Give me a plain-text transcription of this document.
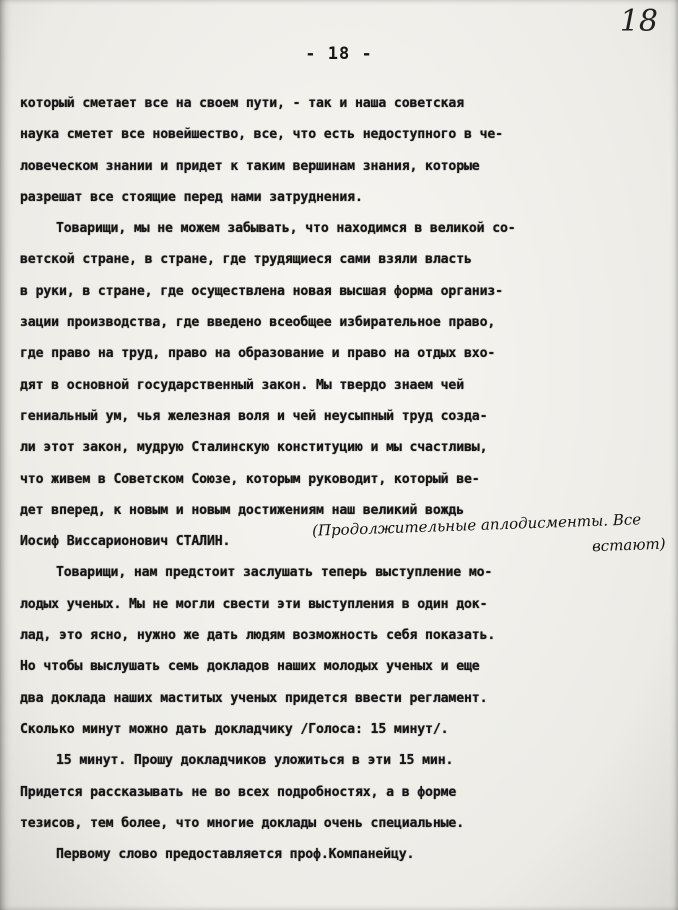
18
- 18 -
который сметает все на своем пути, - так и наша советская
наука сметет все новейшество, все, что есть недоступного в че-
ловеческом знании и придет к таким вершинам знания, которые
разрешат все стоящие перед нами затруднения.
Товарищи, мы не можем забывать, что находимся в великой со-
ветской стране, в стране, где трудящиеся сами взяли власть
в руки, в стране, где осуществлена новая высшая форма организ-
зации производства, где введено всеобщее избирательное право,
где право на труд, право на образование и право на отдых вхо-
дят в основной государственный закон. Мы твердо знаем чей
гениальный ум, чья железная воля и чей неусыпный труд созда-
ли этот закон, мудрую Сталинскую конституцию и мы счастливы,
что живем в Советском Союзе, которым руководит, который ве-
дет вперед, к новым и новым достижениям наш великий вождь
Иосиф Виссарионович СТАЛИН.
Товарищи, нам предстоит заслушать теперь выступление мо-
лодых ученых. Мы не могли свести эти выступления в один док-
лад, это ясно, нужно же дать людям возможность себя показать.
Но чтобы выслушать семь докладов наших молодых ученых и еще
два доклада наших маститых ученых придется ввести регламент.
Сколько минут можно дать докладчику /Голоса: 15 минут/.
15 минут. Прошу докладчиков уложиться в эти 15 мин.
Придется рассказывать не во всех подробностях, а в форме
тезисов, тем более, что многие доклады очень специальные.
Первому слово предоставляется проф.Компанейцу.
(Продолжительные аплодисменты. Все
встают)
